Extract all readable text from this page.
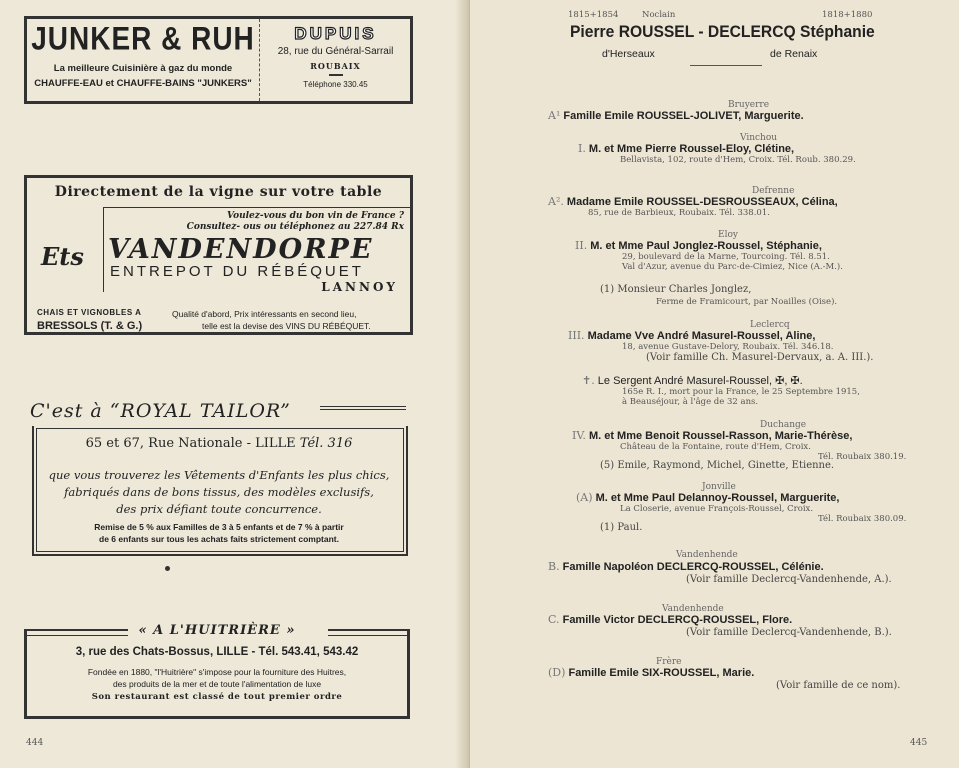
JUNKER & RUH
La meilleure Cuisinière à gaz du monde
CHAUFFE-EAU et CHAUFFE-BAINS "JUNKERS"
DUPUIS
28, rue du Général-Sarrail
ROUBAIX
Téléphone 330.45
Directement de la vigne sur votre table
Voulez-vous du bon vin de France ?
Consultez- ous ou téléphonez au 227.84 Rx
VANDENDORPE
ENTREPOT DU RÉBÉQUET
LANNOY
Ets
CHAIS ET VIGNOBLES A
BRESSOLS (T. & G.)
Qualité d'abord, Prix intéressants en second lieu,
telle est la devise des VINS DU RÉBÉQUET.
C'est à “ROYAL TAILOR”
65 et 67, Rue Nationale - LILLE Tél. 316
que vous trouverez les Vêtements d'Enfants les plus chics,
fabriqués dans de bons tissus, des modèles exclusifs,
des prix défiant toute concurrence.
Remise de 5 % aux Familles de 3 à 5 enfants et de 7 % à partir
de 6 enfants sur tous les achats faits strictement comptant.
« A L'HUITRIÈRE »
3, rue des Chats-Bossus, LILLE - Tél. 543.41, 543.42
Fondée en 1880, "l'Huitrière" s'impose pour la fourniture des Huitres,
des produits de la mer et de toute l'alimentation de luxe
Son restaurant est classé de tout premier ordre
444
1815+1854	Noclain	1818+1880
Pierre ROUSSEL - DECLERCQ Stéphanie
d'Herseaux	de Renaix
Bruyerre
A¹ Famille Emile ROUSSEL-JOLIVET, Marguerite.
Vinchou
I. M. et Mme Pierre Roussel-Eloy, Clétine,
Bellavista, 102, route d'Hem, Croix. Tél. Roub. 380.29.
Defrenne
A². Madame Emile ROUSSEL-DESROUSSEAUX, Célina,
85, rue de Barbieux, Roubaix. Tél. 338.01.
Eloy
II. M. et Mme Paul Jonglez-Roussel, Stéphanie,
29, boulevard de la Marne, Tourcoing. Tél. 8.51.
Val d'Azur, avenue du Parc-de-Cimiez, Nice (A.-M.).
(1) Monsieur Charles Jonglez,
Ferme de Framicourt, par Noailles (Oise).
Leclercq
III. Madame Vve André Masurel-Roussel, Aline,
18, avenue Gustave-Delory, Roubaix. Tél. 346.18.
(Voir famille Ch. Masurel-Dervaux, a. A. III.).
✝. Le Sergent André Masurel-Roussel, ✠, ✠.
165e R. I., mort pour la France, le 25 Septembre 1915,
à Beauséjour, à l'âge de 32 ans.
Duchange
IV. M. et Mme Benoit Roussel-Rasson, Marie-Thérèse,
Château de la Fontaine, route d'Hem, Croix.
Tél. Roubaix 380.19.
(5) Emile, Raymond, Michel, Ginette, Etienne.
Jonville
(A) M. et Mme Paul Delannoy-Roussel, Marguerite,
La Closerie, avenue François-Roussel, Croix.
Tél. Roubaix 380.09.
(1) Paul.
Vandenhende
B. Famille Napoléon DECLERCQ-ROUSSEL, Célénie.
(Voir famille Declercq-Vandenhende, A.).
Vandenhende
C. Famille Victor DECLERCQ-ROUSSEL, Flore.
(Voir famille Declercq-Vandenhende, B.).
Frère
(D) Famille Emile SIX-ROUSSEL, Marie.
(Voir famille de ce nom).
445
